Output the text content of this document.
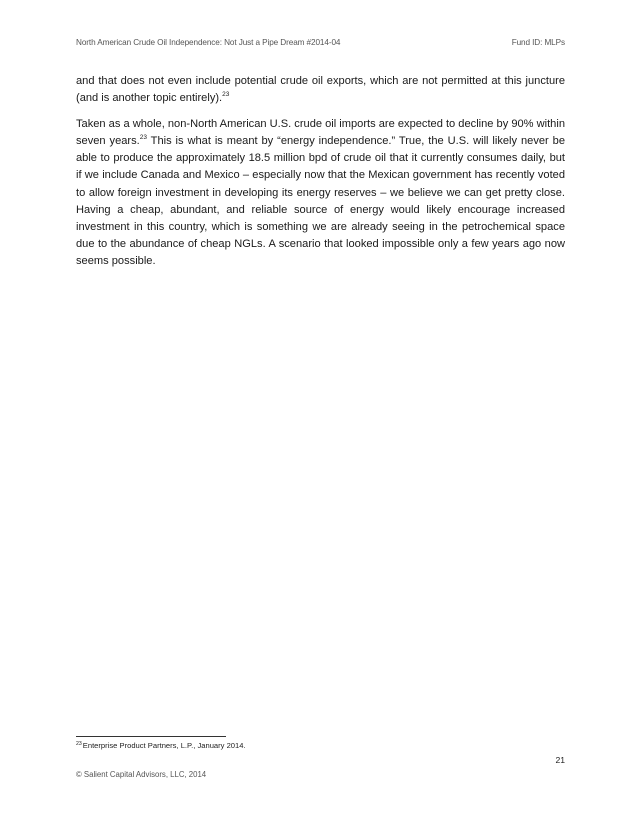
North American Crude Oil Independence: Not Just a Pipe Dream #2014-04	Fund ID: MLPs

and that does not even include potential crude oil exports, which are not permitted at this juncture (and is another topic entirely).$^{23}$

Taken as a whole, non-North American U.S. crude oil imports are expected to decline by 90% within seven years.$^{23}$ This is what is meant by “energy independence.” True, the U.S. will likely never be able to produce the approximately 18.5 million bpd of crude oil that it currently consumes daily, but if we include Canada and Mexico – especially now that the Mexican government has recently voted to allow foreign investment in developing its energy reserves – we believe we can get pretty close. Having a cheap, abundant, and reliable source of energy would likely encourage increased investment in this country, which is something we are already seeing in the petrochemical space due to the abundance of cheap NGLs. A scenario that looked impossible only a few years ago now seems possible.

$^{23}$Enterprise Product Partners, L.P., January 2014.
21
© Salient Capital Advisors, LLC, 2014
